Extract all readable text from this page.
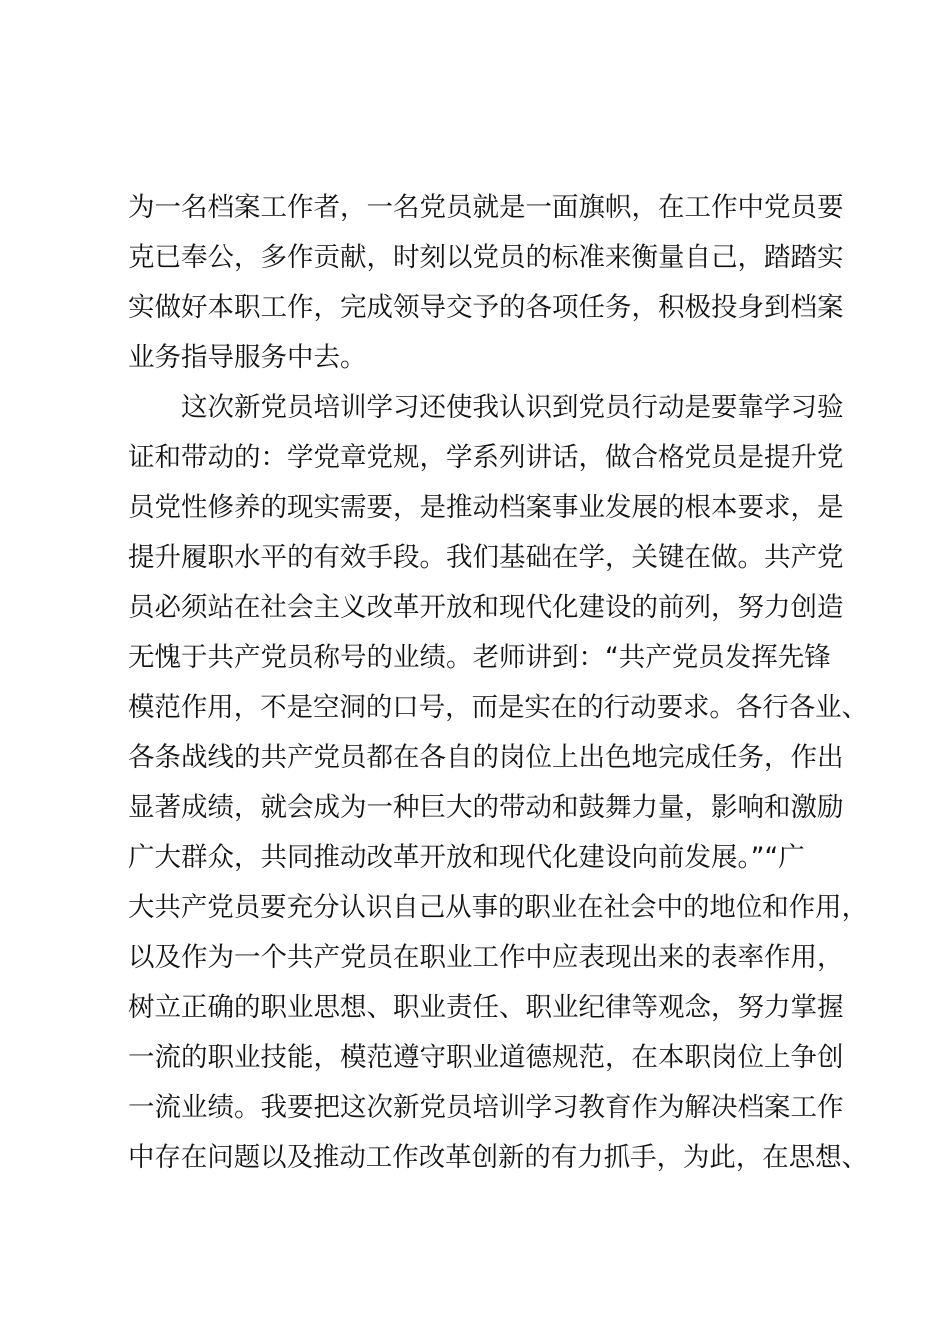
为一名档案工作者，一名党员就是一面旗帜，在工作中党员要
克已奉公，多作贡献，时刻以党员的标准来衡量自己，踏踏实
实做好本职工作，完成领导交予的各项任务，积极投身到档案
业务指导服务中去。
　　这次新党员培训学习还使我认识到党员行动是要靠学习验
证和带动的：学党章党规，学系列讲话，做合格党员是提升党
员党性修养的现实需要，是推动档案事业发展的根本要求，是
提升履职水平的有效手段。我们基础在学，关键在做。共产党
员必须站在社会主义改革开放和现代化建设的前列，努力创造
无愧于共产党员称号的业绩。老师讲到：“共产党员发挥先锋
模范作用，不是空洞的口号，而是实在的行动要求。各行各业、
各条战线的共产党员都在各自的岗位上出色地完成任务，作出
显著成绩，就会成为一种巨大的带动和鼓舞力量，影响和激励
广大群众，共同推动改革开放和现代化建设向前发展。”“广
大共产党员要充分认识自己从事的职业在社会中的地位和作用，
以及作为一个共产党员在职业工作中应表现出来的表率作用，
树立正确的职业思想、职业责任、职业纪律等观念，努力掌握
一流的职业技能，模范遵守职业道德规范，在本职岗位上争创
一流业绩。我要把这次新党员培训学习教育作为解决档案工作
中存在问题以及推动工作改革创新的有力抓手，为此，在思想、
